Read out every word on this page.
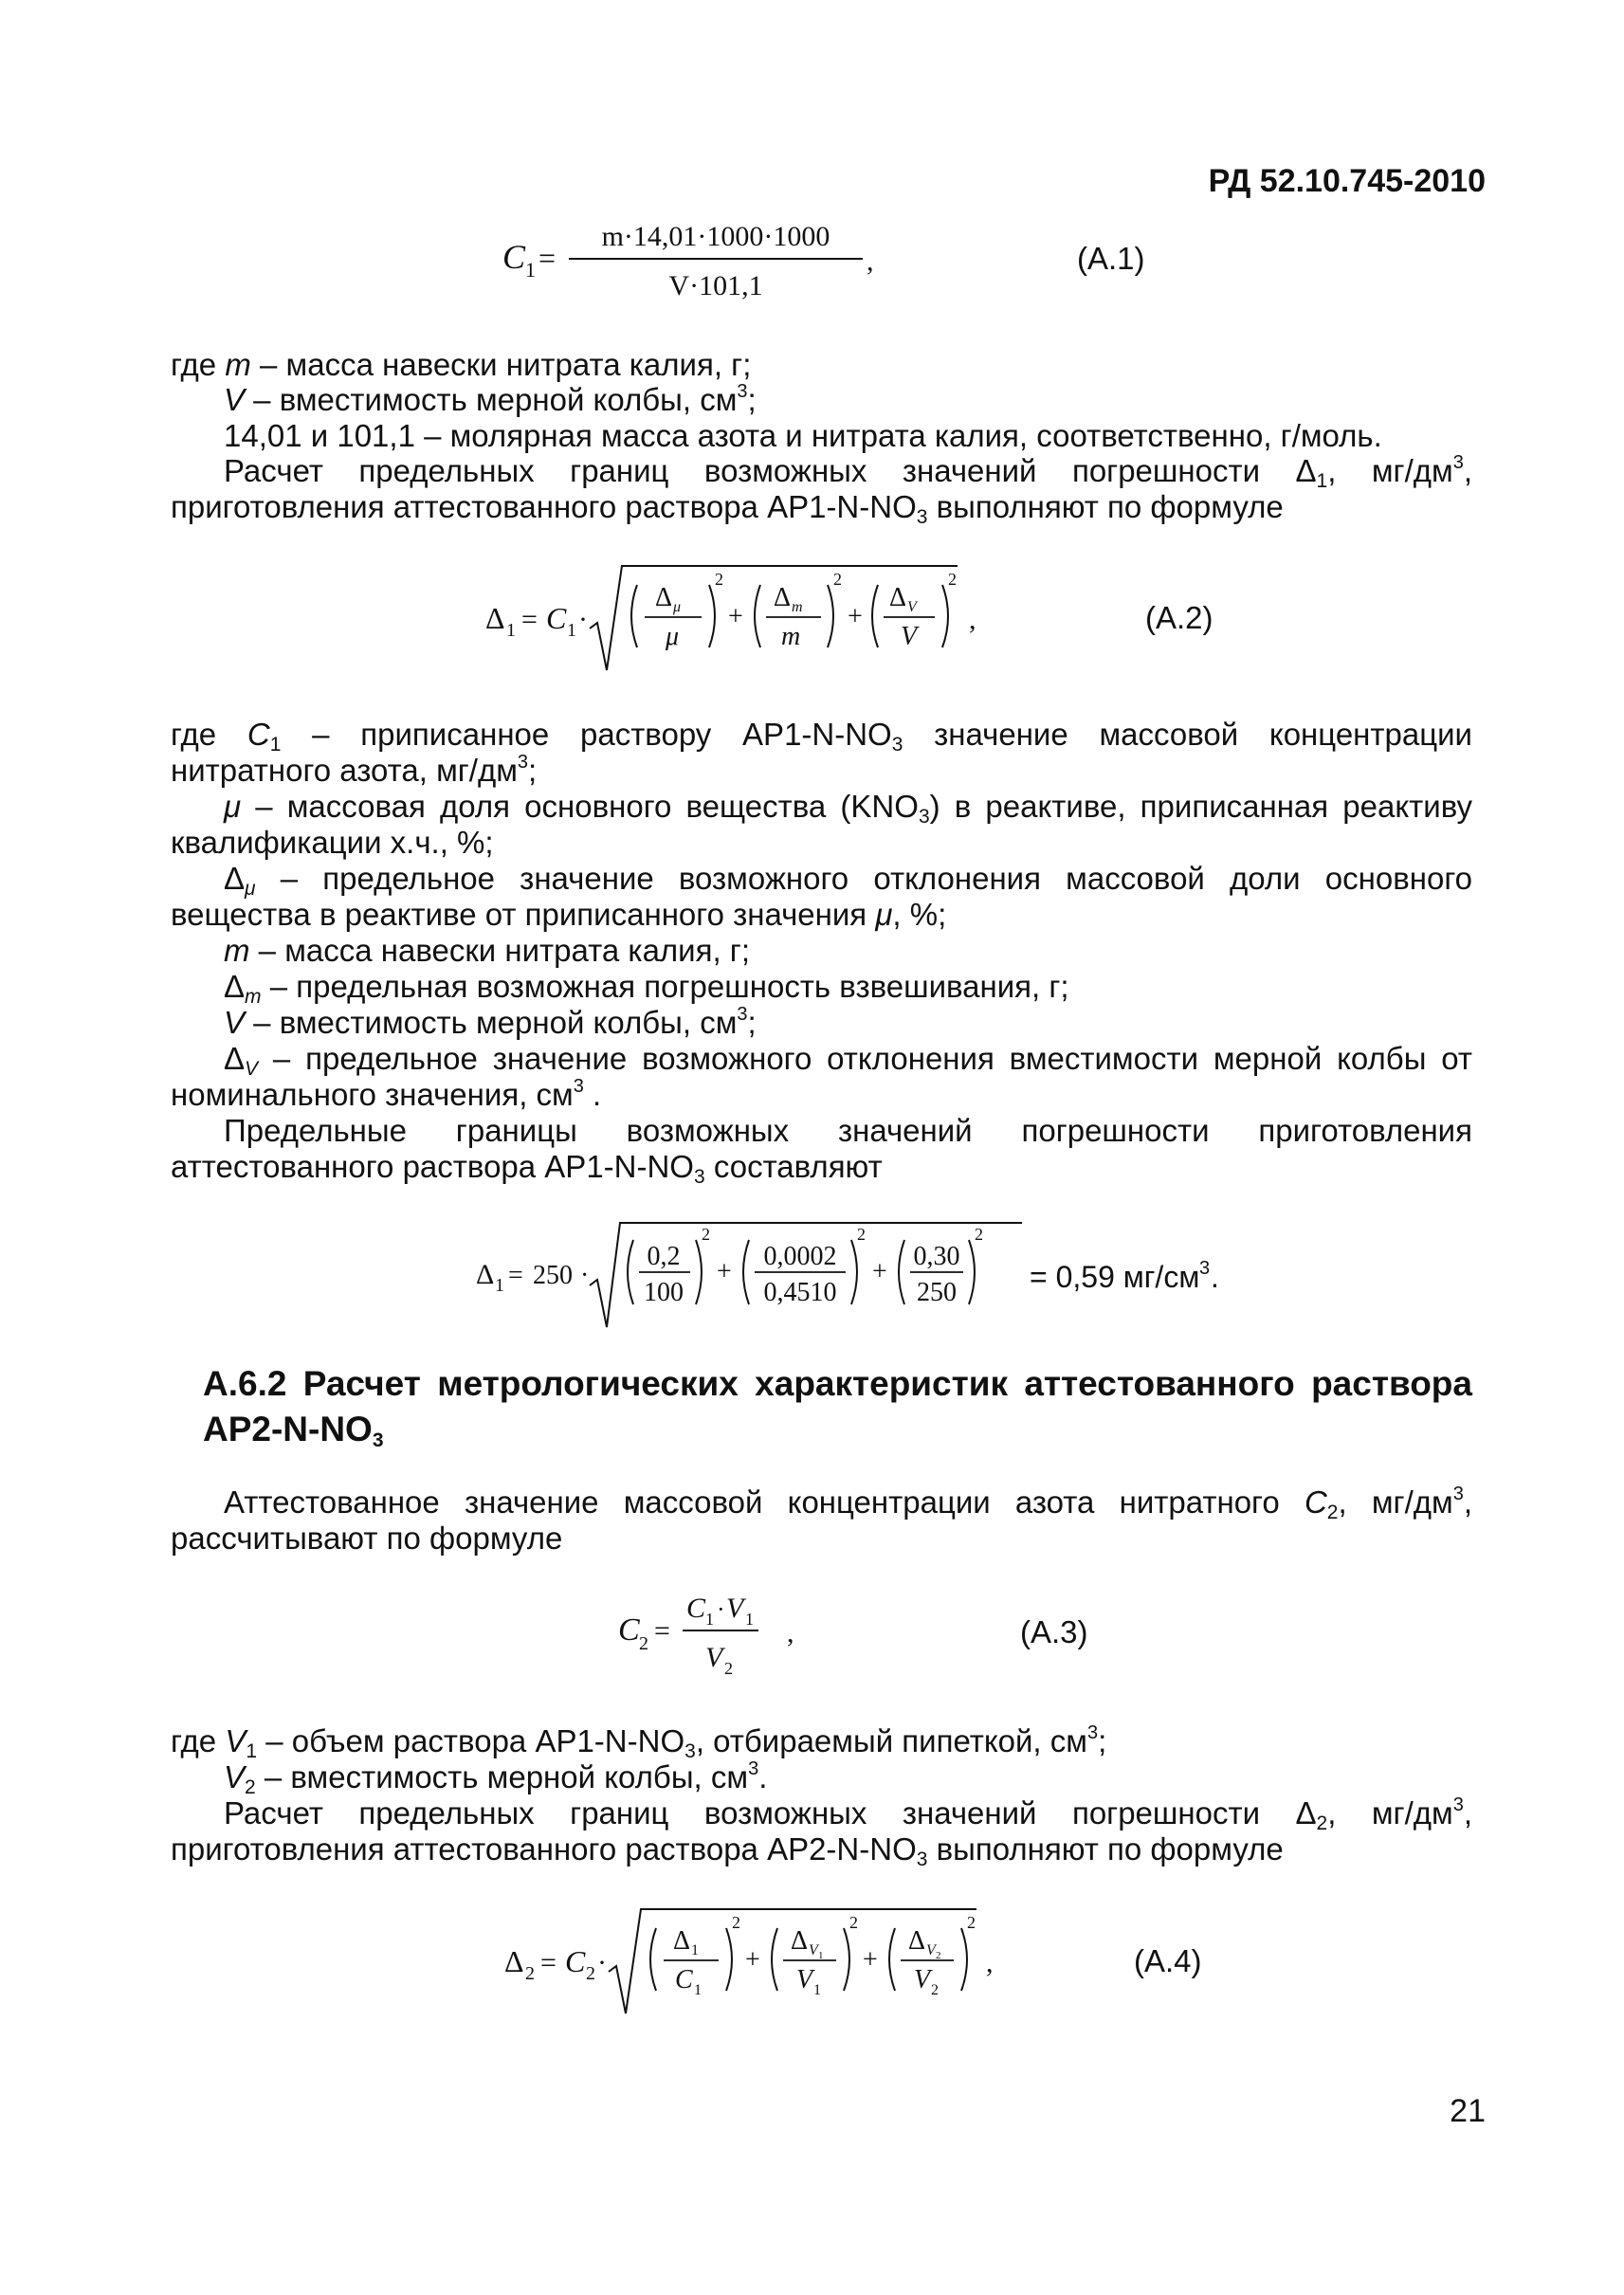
РД 52.10.745-2010
C 1 =
m·14,01·1000·1000
V·101,1
,	(А.1)
где m – масса навески нитрата калия, г;
V – вместимость мерной колбы, $см^3$;
14,01 и 101,1 – молярная масса азота и нитрата калия, соответственно, г/моль.
Расчет предельных границ возможных значений погрешности $\Delta_1$, $мг/дм^3$,
приготовления аттестованного раствора $АР1-N-NO_3$ выполняют по формуле
Δ 1 = C 1 ·
Δ μ
μ
2
+
Δ m
m
2
+
Δ V
V
2
,	(А.2)
где $C_1$ – приписанное раствору $АР1-N-NO_3$ значение массовой концентрации
нитратного азота, $мг/дм^3$;
μ – массовая доля основного вещества $(KNO_3)$ в реактиве, приписанная реактиву
квалификации х.ч., %;
$\Delta_\mu$ – предельное значение возможного отклонения массовой доли основного
вещества в реактиве от приписанного значения μ, %;
m – масса навески нитрата калия, г;
$\Delta_m$ – предельная возможная погрешность взвешивания, г;
V – вместимость мерной колбы, $см^3$;
$\Delta_V$ – предельное значение возможного отклонения вместимости мерной колбы от
номинального значения, $см^3$ .
Предельные границы возможных значений погрешности приготовления
аттестованного раствора $АР1-N-NO_3$ составляют
Δ 1 = 250 ·
0,2
100
2
+
0,0002
0,4510
2
+
0,30
250
2
= 0,59 мг/см 3 .
А.6.2 Расчет метрологических характеристик аттестованного раствора
$АР2-N-NO_3$
Аттестованное значение массовой концентрации азота нитратного $C_2$, $мг/дм^3$,
рассчитывают по формуле
C 2 =
C 1 · V 1
V 2
,	(А.3)
где $V_1$ – объем раствора $АР1-N-NO_3$, отбираемый пипеткой, $см^3$;
$V_2$ – вместимость мерной колбы, $см^3$.
Расчет предельных границ возможных значений погрешности $\Delta_2$, $мг/дм^3$,
приготовления аттестованного раствора $АР2-N-NO_3$ выполняют по формуле
Δ 2 = C 2 ·
Δ 1
C 1
2
+
Δ V 1
V 1
2
+
Δ V 2
V 2
2
,	(А.4)
21
